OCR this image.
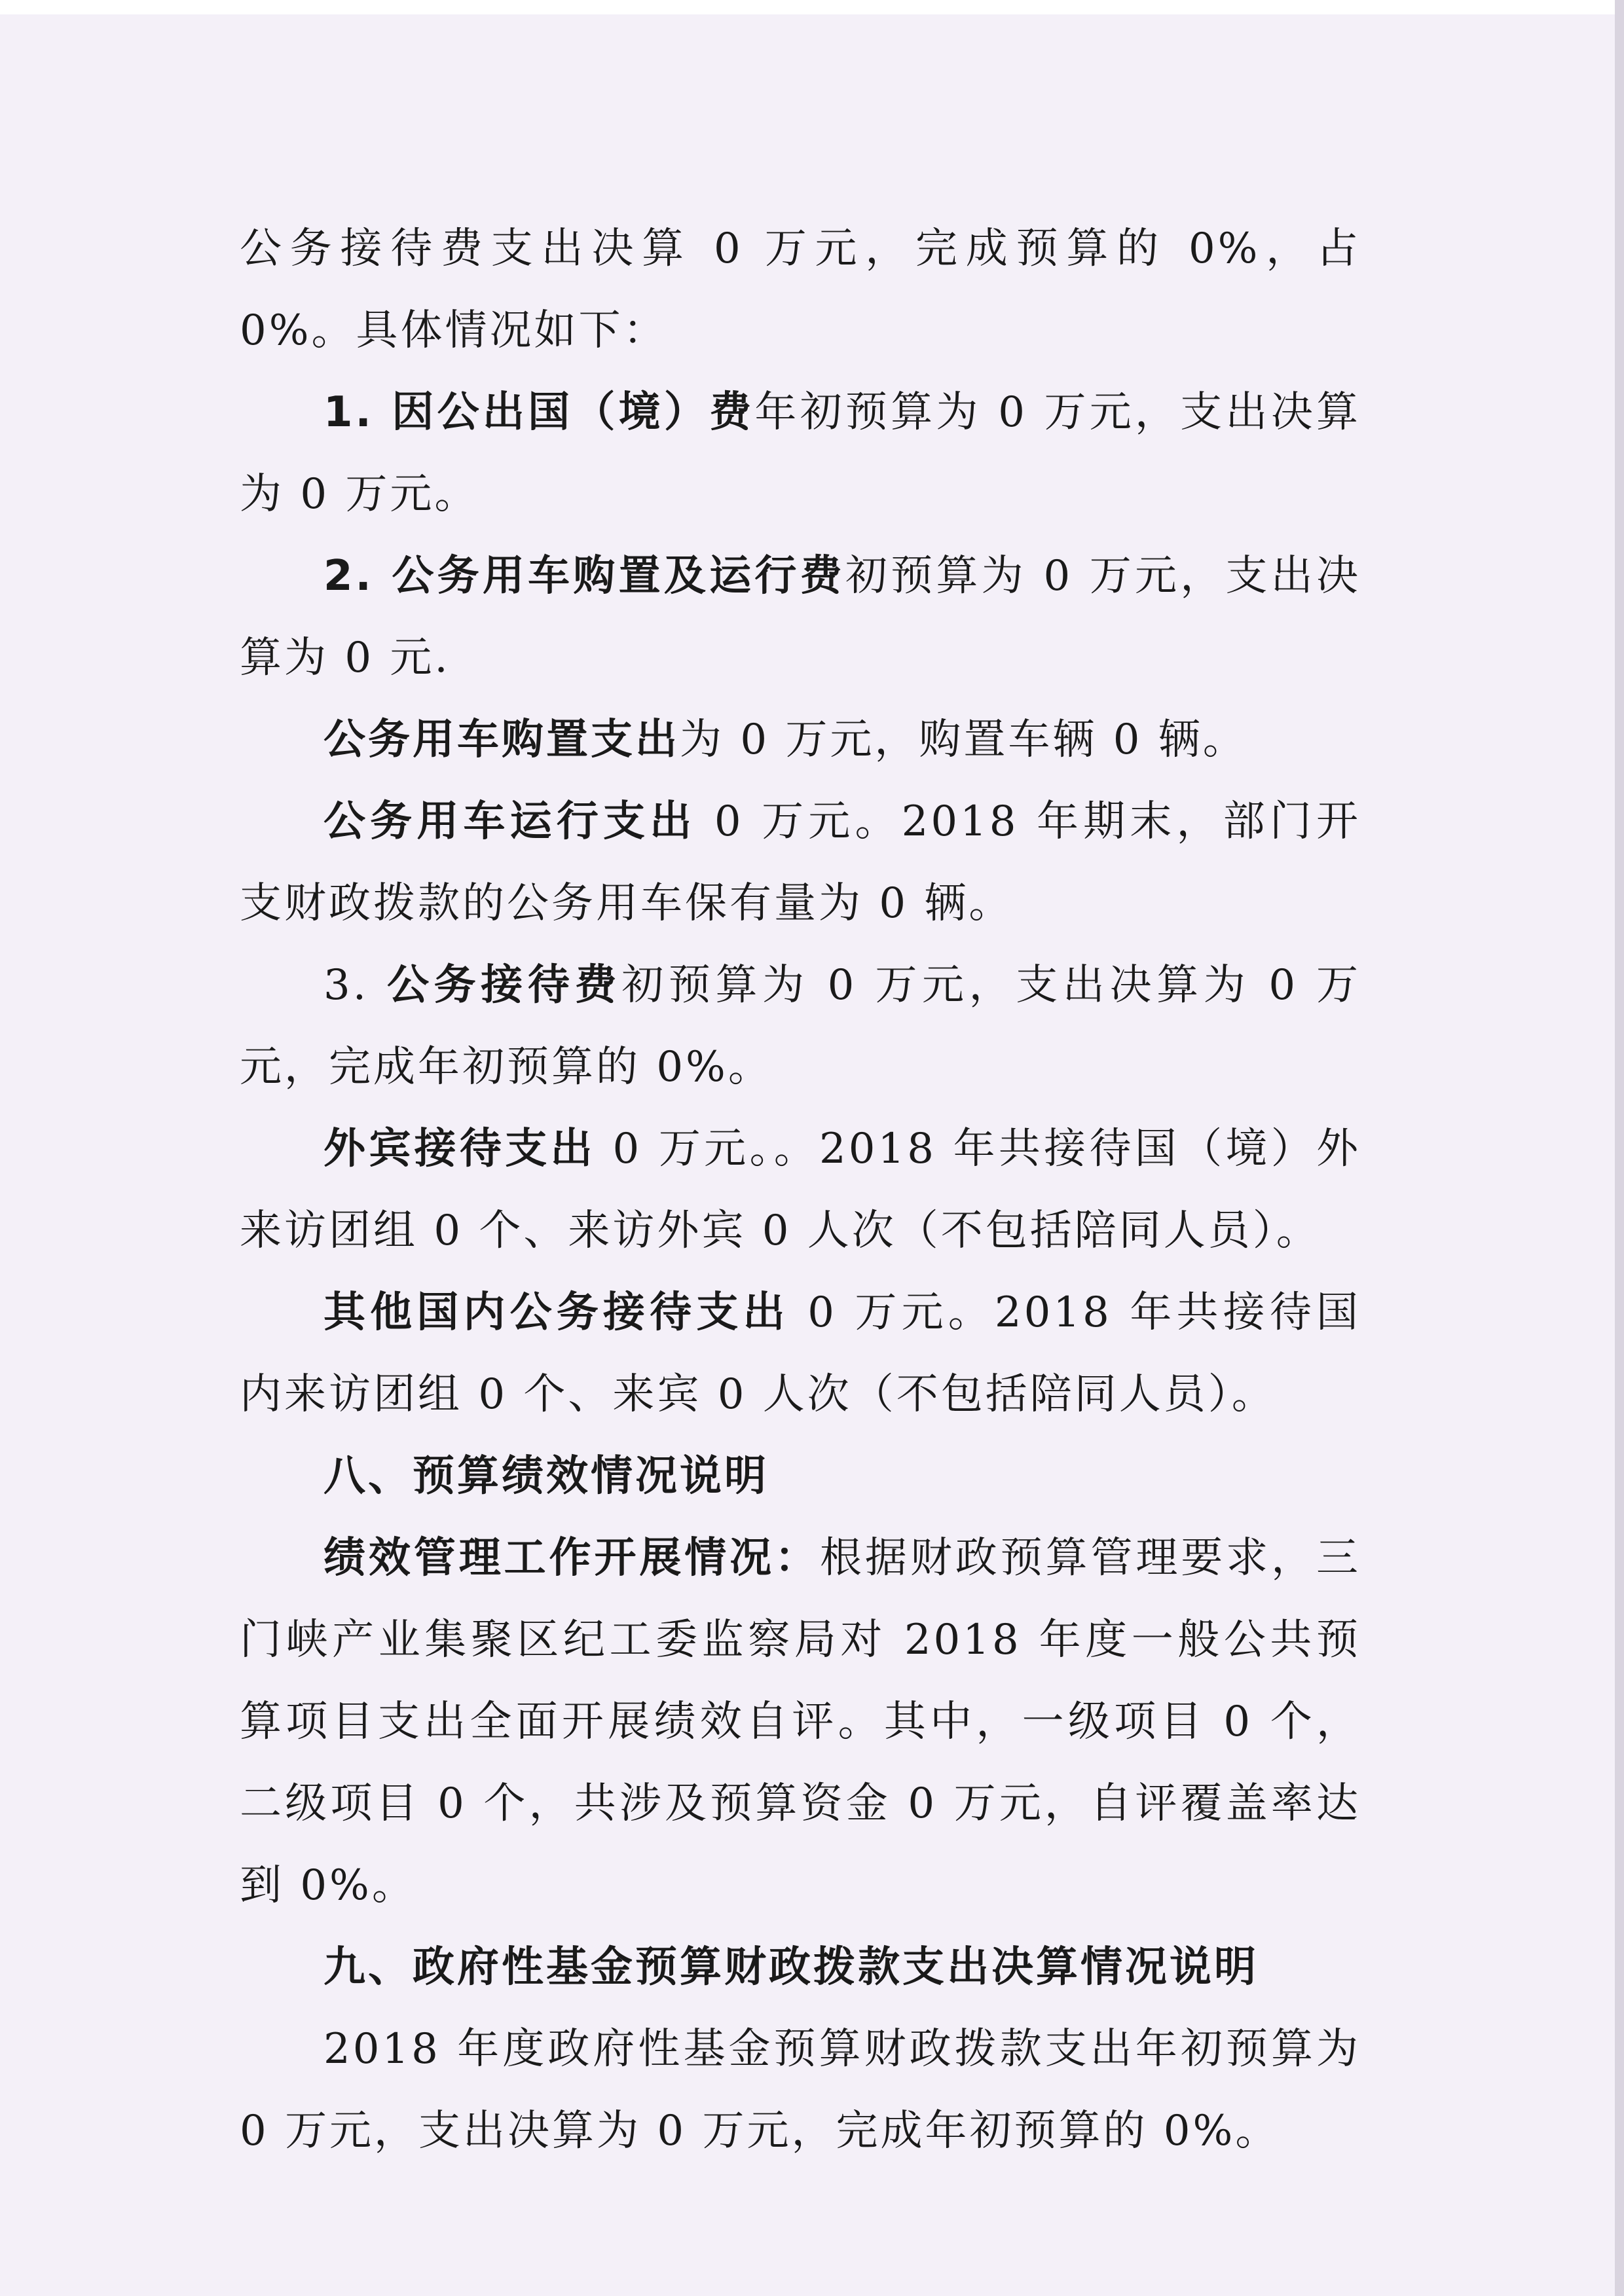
公务接待费支出决算 0 万元，完成预算的 0%，占 0%。具体情况如下：

1. 因公出国（境）费年初预算为 0 万元，支出决算为 0 万元。

2. 公务用车购置及运行费初预算为 0 万元，支出决算为 0 元.

公务用车购置支出为 0 万元，购置车辆 0 辆。

公务用车运行支出 0 万元。2018 年期末，部门开支财政拨款的公务用车保有量为 0 辆。

3. 公务接待费初预算为 0 万元，支出决算为 0 万元，完成年初预算的 0%。

外宾接待支出 0 万元。。2018 年共接待国（境）外来访团组 0 个、来访外宾 0 人次（不包括陪同人员）。

其他国内公务接待支出 0 万元。2018 年共接待国内来访团组 0 个、来宾 0 人次（不包括陪同人员）。

八、预算绩效情况说明

绩效管理工作开展情况：根据财政预算管理要求，三门峡产业集聚区纪工委监察局对 2018 年度一般公共预算项目支出全面开展绩效自评。其中，一级项目 0 个，二级项目 0 个，共涉及预算资金 0 万元，自评覆盖率达到 0%。

九、政府性基金预算财政拨款支出决算情况说明

2018 年度政府性基金预算财政拨款支出年初预算为 0 万元，支出决算为 0 万元，完成年初预算的 0%。
